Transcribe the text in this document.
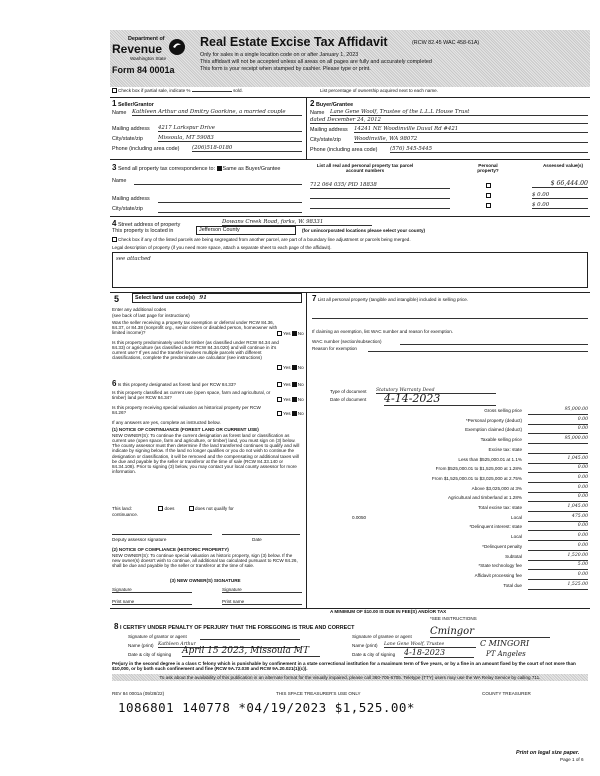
Department of
Revenue
Washington State
Form 84 0001a
Real Estate Excise Tax Affidavit	(RCW 82.45 WAC 458-61A)
Only for sales in a single location code on or after January 1, 2023
This affidavit will not be accepted unless all areas on all pages are fully and accurately completed
This form is your receipt when stamped by cashier. Please type or print.
Check box if partial sale, indicate %	sold.	List percentage of ownership acquired next to each name.
1 Seller/Grantor
Name Kathleen Arthur and Dmitry Goorkine, a married couple
Mailing address 4217 Larkspur Drive
City/state/zip	Missoula, MT 59083
Phone (including area code) (206)518-0180
2 Buyer/Grantee
Name Lane Gene Woolf, Trustee of the L.L.L House Trust
dated December 24, 2012
Mailing address 14241 NE Woodinville Duval Rd #421
City/state/zip Woodinville, WA 98072
Phone (including area code) (576) 545-5445
3 Send all property tax correspondence to: Same as Buyer/Grantee
Name
Mailing address
City/state/zip
List all real and personal property tax parcel account numbers
Personal property?
Assessed value(s)
712 064 035/ PID 18838	$ 66,444.00
$ 0.00
$ 0.00
4 Street address of property	Dowans Creek Road, forks, W. 98331
This property is located in	Jefferson County	(for unincorporated locations please select your county)
Check box if any of the listed parcels are being segregated from another parcel, are part of a boundary line adjustment or parcels being merged.
Legal description of property (if you need more space, attach a separate sheet to each page of the affidavit).
see attached
5	Select land use code(s) 91
Enter any additional codes
(see back of last page for instructions)
Was the seller receiving a property tax exemption or deferral under RCW 84.36, 84.37, or 84.38 (nonprofit org., senior citizen or disabled person, homeowner with limited income)?	Yes No
Is this property predominately used for timber (as classified under RCW 84.34 and 84.33) or agriculture (as classified under RCW 84.34.020) and will continue in it's current use? If yes and the transfer involves multiple parcels with different classifications, complete the predominate use calculator (see instructions)
Yes No
6 Is this property designated as forest land per RCW 84.33?	Yes No
Is this property classified as current use (open space, farm and agricultural, or timber) land per RCW 84.34?	Yes No
Is this property receiving special valuation as historical property per RCW 84.26?	Yes No
If any answers are yes, complete as instructed below.
(1) NOTICE OF CONTINUANCE (FOREST LAND OR CURRENT USE)
NEW OWNER(S): To continue the current designation as forest land or classification as current use (open space, farm and agriculture, or timber) land, you must sign on (3) below. The county assessor must then determine if the land transferred continues to qualify and will indicate by signing below. If the land no longer qualifies or you do not wish to continue the designation or classification, it will be removed and the compensating or additional taxes will be due and payable by the seller or transferor at the time of sale (RCW 84.33.140 or 84.34.108). Prior to signing (3) below, you may contact your local county assessor for more information.
This land:	does	does not qualify for
continuance.
Deputy assessor signature	Date
(2) NOTICE OF COMPLIANCE (HISTORIC PROPERTY)
NEW OWNER(S): To continue special valuation as historic property, sign (3) below. If the new owner(s) doesn't wish to continue, all additional tax calculated pursuant to RCW 84.26, shall be due and payable by the seller or transferor at the time of sale.
(3) NEW OWNER(S) SIGNATURE
Signature	Signature
Print name	Print name
7 List all personal property (tangible and intangible) included in selling price.
If claiming an exemption, list WAC number and reason for exemption.
WAC number (section/subsection)
Reason for exemption
Type of document Statutory Warranty Deed
Date of document 4-14-2023
Gross selling price	95,000.00
*Personal property (deduct)	0.00
Exemption claimed (deduct)	0.00
Taxable selling price	95,000.00
Excise tax: state
Less than $525,000.01 at 1.1%	1,045.00
From $525,000.01 to $1,525,000 at 1.28%	0.00
From $1,525,000.01 to $3,025,000 at 2.75%	0.00
Above $3,025,000 at 3%	0.00
Agricultural and timberland at 1.28%	0.00
Total excise tax: state	1,045.00
Local	475.00
0.0050
*Delinquent interest: state	0.00
Local	0.00
*Delinquent penalty	0.00
Subtotal	1,520.00
*State technology fee	5.00
Affidavit processing fee	0.00
Total due	1,525.00
A MINIMUM OF $10.00 IS DUE IN FEE(S) AND/OR TAX
*SEE INSTRUCTIONS
8 I CERTIFY UNDER PENALTY OF PERJURY THAT THE FOREGOING IS TRUE AND CORRECT
Signature of grantor or agent
Name (print) Kathleen Arthur
Date & city of signing April 15 2023, Missoula MT
Signature of grantee or agent Cmingor
Name (print) Lane Gene Woolf, Trustee	C MINGORI
Date & city of signing 4-18-2023	PT Angeles
Perjury in the second degree is a class C felony which is punishable by confinement in a state correctional institution for a maximum term of five years, or by a fine in an amount fixed by the court of not more than $10,000, or by both such confinement and fine (RCW 9A.72.030 and RCW 9A.20.021(1)(c)).
To ask about the availability of this publication in an alternate format for the visually impaired, please call 360-705-6705. Teletype (TTY) users may use the WA Relay Service by calling 711.
REV 84 0001a (09/28/22)	THIS SPACE TREASURER'S USE ONLY	COUNTY TREASURER
1086801 140778 *04/19/2023 $1,525.00*
Print on legal size paper.
Page 1 of 6
